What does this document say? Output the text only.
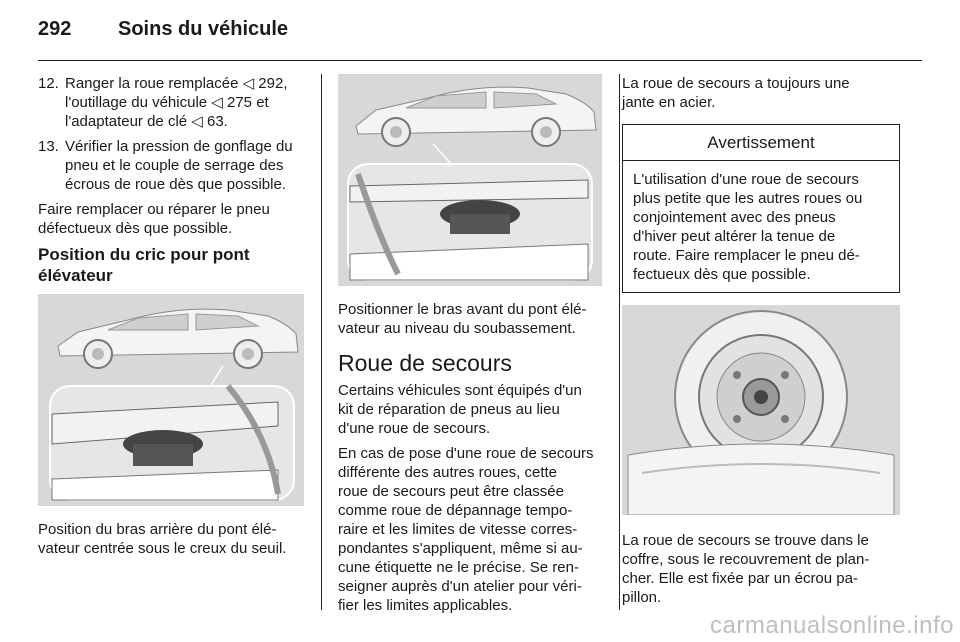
292 Soins du véhicule
12. Ranger la roue remplacée ◁ 292,

l'outillage du véhicule ◁ 275 et

l'adaptateur de clé ◁ 63.

13. Vérifier la pression de gonflage du

pneu et le couple de serrage des

écrous de roue dès que possible.

Faire remplacer ou réparer le pneu

défectueux dès que possible.

Position du cric pour pont
élévateur

Position du bras arrière du pont élé-

vateur centrée sous le creux du seuil.

Positionner le bras avant du pont élé-

vateur au niveau du soubassement.

Roue de secours

Certains véhicules sont équipés d'un

kit de réparation de pneus au lieu

d'une roue de secours.

En cas de pose d'une roue de secours

différente des autres roues, cette

roue de secours peut être classée

comme roue de dépannage tempo-

raire et les limites de vitesse corres-

pondantes s'appliquent, même si au-

cune étiquette ne le précise. Se ren-

seigner auprès d'un atelier pour véri-

fier les limites applicables.

La roue de secours a toujours une

jante en acier.

Avertissement

L'utilisation d'une roue de secours

plus petite que les autres roues ou

conjointement avec des pneus

d'hiver peut altérer la tenue de

route. Faire remplacer le pneu dé-

fectueux dès que possible.

La roue de secours se trouve dans le

coffre, sous le recouvrement de plan-

cher. Elle est fixée par un écrou pa-

pillon.

carmanualsonline.info
